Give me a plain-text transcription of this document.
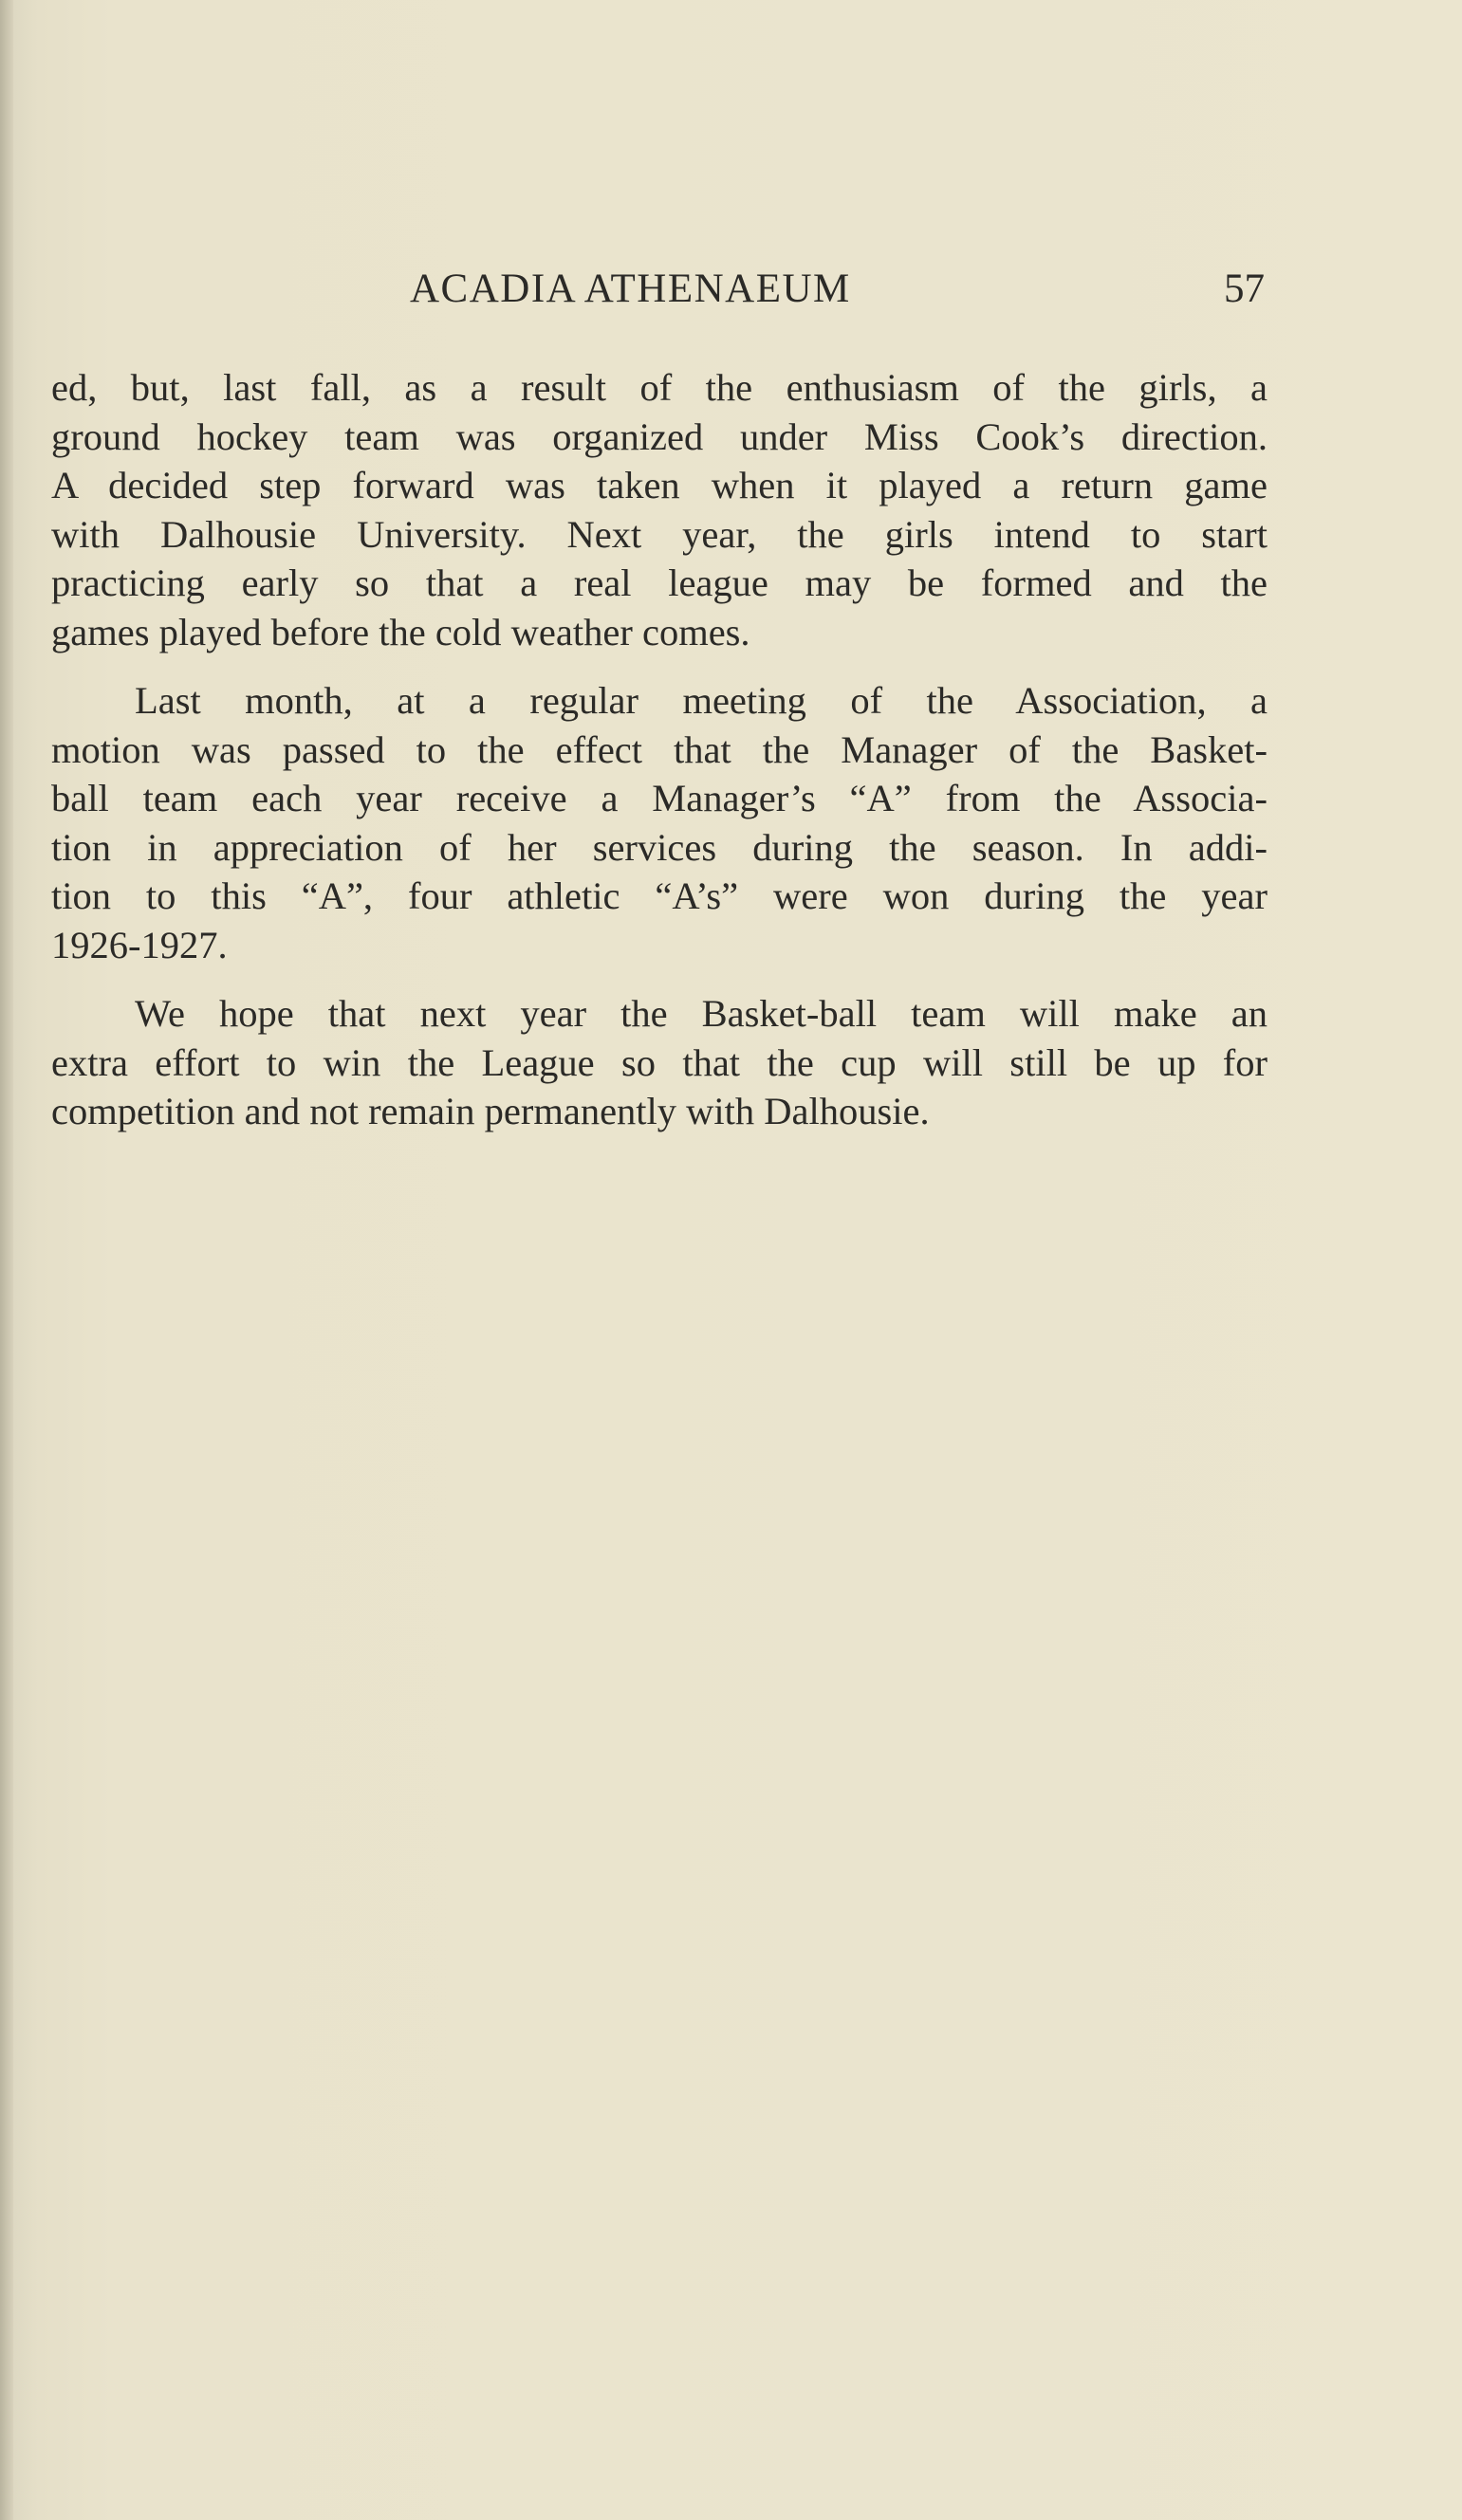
ACADIA ATHENAEUM	57
ed, but, last fall, as a result of the enthusiasm of the girls, a
ground hockey team was organized under Miss Cook’s direction.
A decided step forward was taken when it played a return game
with Dalhousie University. Next year, the girls intend to start
practicing early so that a real league may be formed and the
games played before the cold weather comes.
Last month, at a regular meeting of the Association, a
motion was passed to the effect that the Manager of the Basket-
ball team each year receive a Manager’s “A” from the Associa-
tion in appreciation of her services during the season. In addi-
tion to this “A”, four athletic “A’s” were won during the year
1926-1927.
We hope that next year the Basket-ball team will make an
extra effort to win the League so that the cup will still be up for
competition and not remain permanently with Dalhousie.
